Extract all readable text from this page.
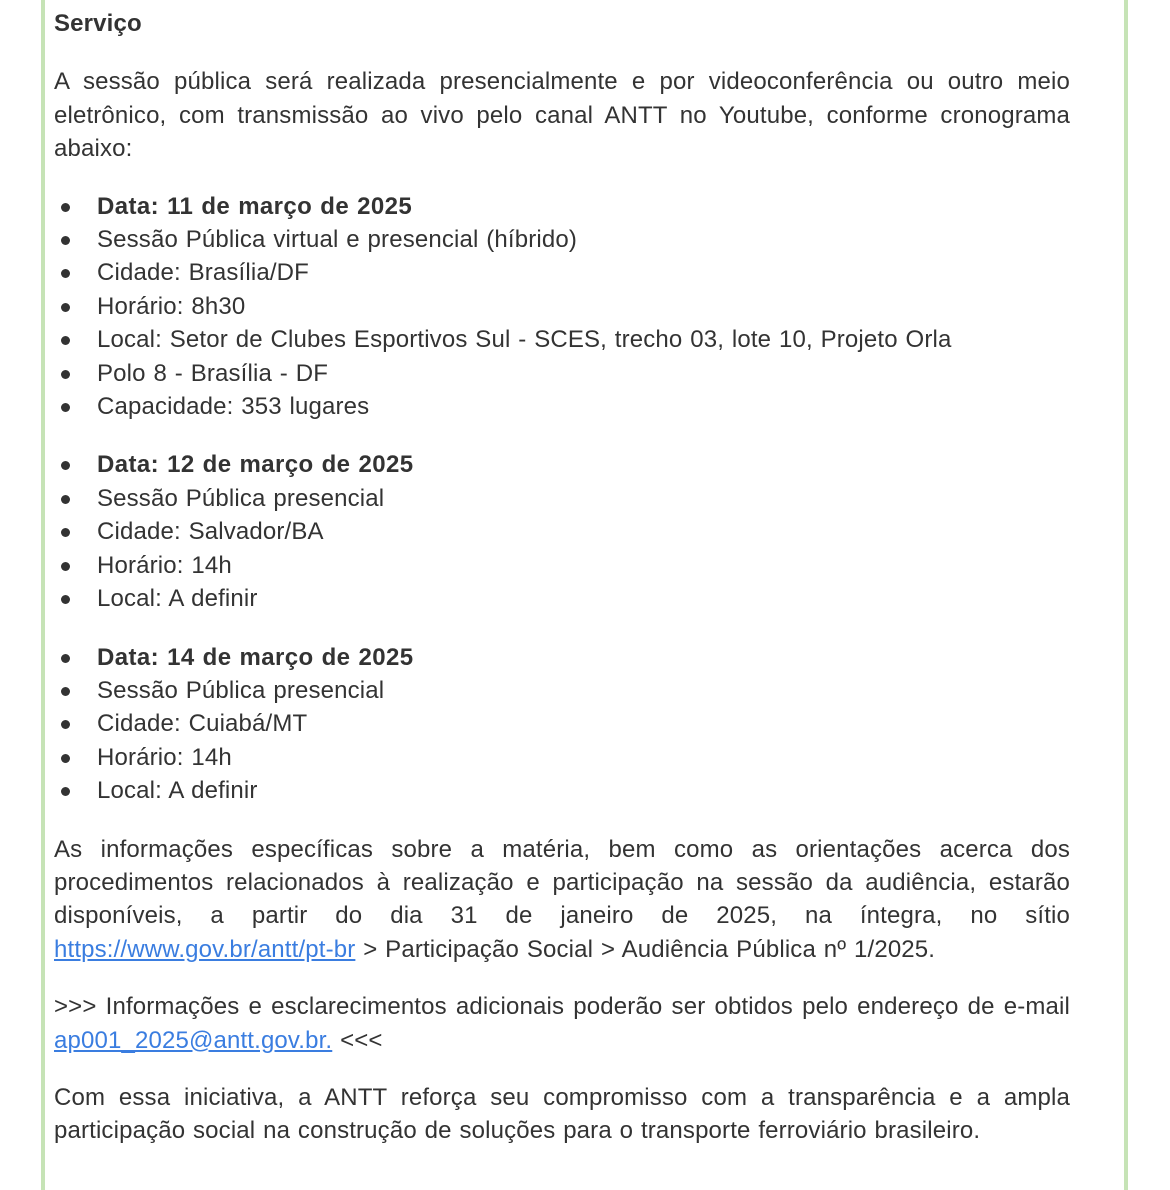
Serviço

A sessão pública será realizada presencialmente e por videoconferência ou outro meio eletrônico, com transmissão ao vivo pelo canal ANTT no Youtube, conforme cronograma abaixo:

Data: 11 de março de 2025
Sessão Pública virtual e presencial (híbrido)
Cidade: Brasília/DF
Horário: 8h30
Local: Setor de Clubes Esportivos Sul - SCES, trecho 03, lote 10, Projeto Orla
Polo 8 - Brasília - DF
Capacidade: 353 lugares
Data: 12 de março de 2025
Sessão Pública presencial
Cidade: Salvador/BA
Horário: 14h
Local: A definir
Data: 14 de março de 2025
Sessão Pública presencial
Cidade: Cuiabá/MT
Horário: 14h
Local: A definir

As informações específicas sobre a matéria, bem como as orientações acerca dos procedimentos relacionados à realização e participação na sessão da audiência, estarão disponíveis, a partir do dia 31 de janeiro de 2025, na íntegra, no sítio https://www.gov.br/antt/pt-br > Participação Social > Audiência Pública nº 1/2025.

>>> Informações e esclarecimentos adicionais poderão ser obtidos pelo endereço de e-mail ap001_2025@antt.gov.br. <<<

Com essa iniciativa, a ANTT reforça seu compromisso com a transparência e a ampla participação social na construção de soluções para o transporte ferroviário brasileiro.
